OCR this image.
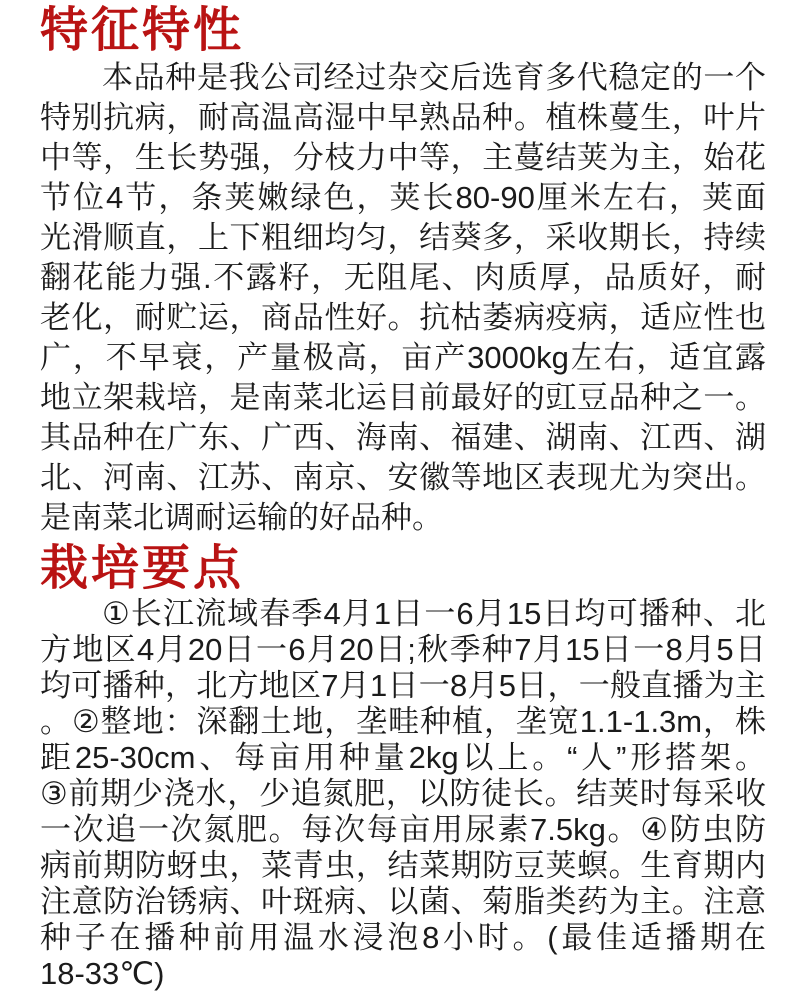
特征特性
本品种是我公司经过杂交后选育多代稳定的一个
特别抗病，耐高温高湿中早熟品种。植株蔓生，叶片
中等，生长势强，分枝力中等，主蔓结荚为主，始花
节位4节，条荚嫩绿色，荚长80-90厘米左右，荚面
光滑顺直，上下粗细均匀，结葵多，采收期长，持续
翻花能力强.不露籽，无阻尾、肉质厚，品质好，耐
老化，耐贮运，商品性好。抗枯萎病疫病，适应性也
广，不早衰，产量极高，亩产3000kg左右，适宜露
地立架栽培，是南菜北运目前最好的豇豆品种之一。
其品种在广东、广西、海南、福建、湖南、江西、湖
北、河南、江苏、南京、安徽等地区表现尤为突出。
是南菜北调耐运输的好品种。
栽培要点
①长江流域春季4月1日一6月15日均可播种、北
方地区4月20日一6月20日;秋季种7月15日一8月5日
均可播种，北方地区7月1日一8月5日，一般直播为主
。②整地：深翻土地，垄畦种植，垄宽1.1-1.3m，株
距25-30cm、每亩用种量2kg以上。“人”形搭架。
③前期少浇水，少追氮肥，以防徒长。结荚时每采收
一次追一次氮肥。每次每亩用尿素7.5kg。④防虫防
病前期防蚜虫，菜青虫，结菜期防豆荚螟。生育期内
注意防治锈病、叶斑病、以菌、菊脂类药为主。注意
种子在播种前用温水浸泡8小时。(最佳适播期在
18-33℃)
